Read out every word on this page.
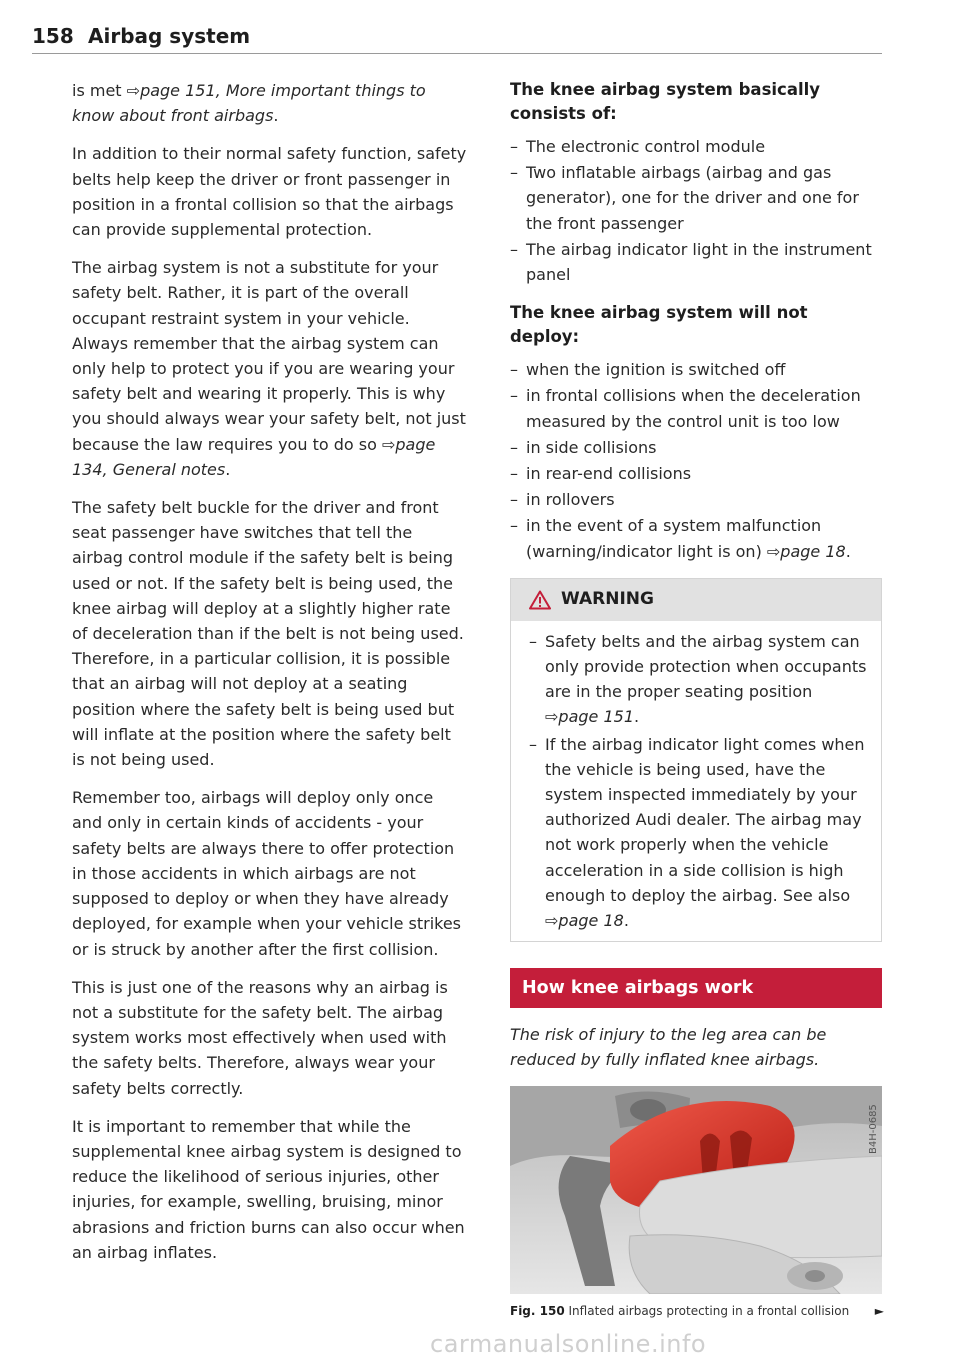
158 Airbag system

is met ⇨page 151, More important things to know about front airbags.

In addition to their normal safety function, safety belts help keep the driver or front passenger in position in a frontal collision so that the airbags can provide supplemental protection.

The airbag system is not a substitute for your safety belt. Rather, it is part of the overall occupant restraint system in your vehicle. Always remember that the airbag system can only help to protect you if you are wearing your safety belt and wearing it properly. This is why you should always wear your safety belt, not just because the law requires you to do so ⇨page 134, General notes.

The safety belt buckle for the driver and front seat passenger have switches that tell the airbag control module if the safety belt is being used or not. If the safety belt is being used, the knee airbag will deploy at a slightly higher rate of deceleration than if the belt is not being used. Therefore, in a particular collision, it is possible that an airbag will not deploy at a seating position where the safety belt is being used but will inflate at the position where the safety belt is not being used.

Remember too, airbags will deploy only once and only in certain kinds of accidents - your safety belts are always there to offer protection in those accidents in which airbags are not supposed to deploy or when they have already deployed, for example when your vehicle strikes or is struck by another after the first collision.

This is just one of the reasons why an airbag is not a substitute for the safety belt. The airbag system works most effectively when used with the safety belts. Therefore, always wear your safety belts correctly.

It is important to remember that while the supplemental knee airbag system is designed to reduce the likelihood of serious injuries, other injuries, for example, swelling, bruising, minor abrasions and friction burns can also occur when an airbag inflates.

The knee airbag system basically consists of:
– The electronic control module
– Two inflatable airbags (airbag and gas generator), one for the driver and one for the front passenger
– The airbag indicator light in the instrument panel
The knee airbag system will not deploy:
– when the ignition is switched off
– in frontal collisions when the deceleration measured by the control unit is too low
– in side collisions
– in rear-end collisions
– in rollovers
– in the event of a system malfunction (warning/indicator light is on) ⇨page 18.
WARNING
– Safety belts and the airbag system can only provide protection when occupants are in the proper seating position ⇨page 151.
– If the airbag indicator light comes when the vehicle is being used, have the system inspected immediately by your authorized Audi dealer. The airbag may not work properly when the vehicle acceleration in a side collision is high enough to deploy the airbag. See also ⇨page 18.
How knee airbags work

The risk of injury to the leg area can be reduced by fully inflated knee airbags.

B4H-0685
Fig. 150 Inflated airbags protecting in a frontal collision ►
carmanualsonline.info
